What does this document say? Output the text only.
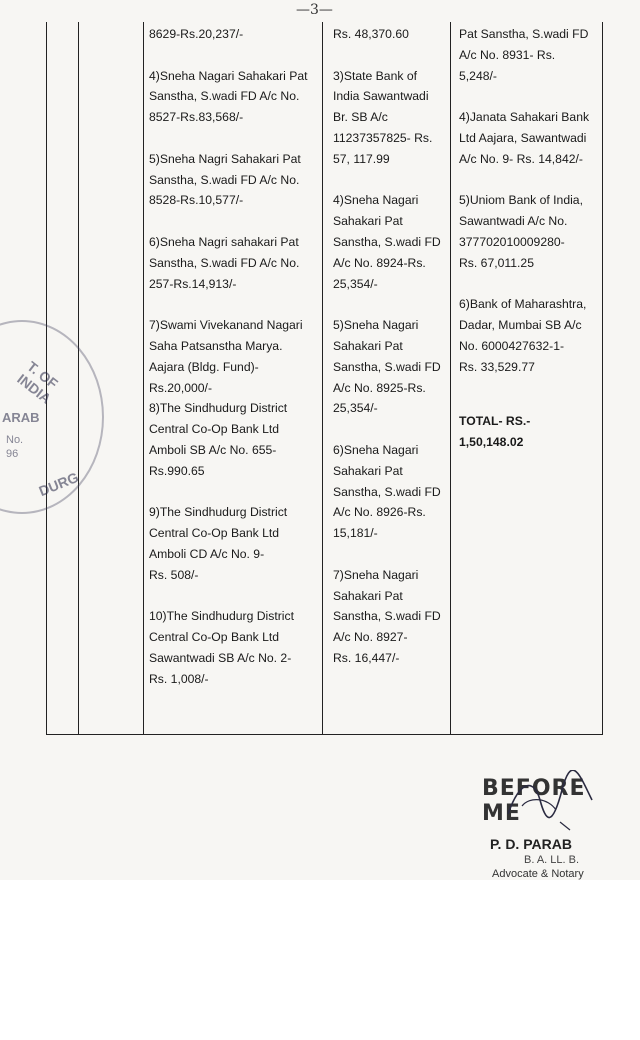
—3—
8629-Rs.20,237/-
4)Sneha Nagari Sahakari Pat
Sanstha, S.wadi FD A/c No.
8527-Rs.83,568/-
5)Sneha Nagri Sahakari Pat
Sanstha, S.wadi FD A/c No.
8528-Rs.10,577/-
6)Sneha Nagri sahakari Pat
Sanstha, S.wadi FD A/c No.
257-Rs.14,913/-
7)Swami Vivekanand Nagari
Saha Patsanstha Marya.
Aajara (Bldg. Fund)-
Rs.20,000/-
8)The Sindhudurg District
Central Co-Op Bank Ltd
Amboli SB A/c No. 655-
Rs.990.65
9)The Sindhudurg District
Central Co-Op Bank Ltd
Amboli CD A/c No. 9-
Rs. 508/-
10)The Sindhudurg District
Central Co-Op Bank Ltd
Sawantwadi SB A/c No. 2-
Rs. 1,008/-
Rs. 48,370.60
3)State Bank of
India Sawantwadi
Br. SB A/c
11237357825- Rs.
57, 117.99
4)Sneha Nagari
Sahakari Pat
Sanstha, S.wadi FD
A/c No. 8924-Rs.
25,354/-
5)Sneha Nagari
Sahakari Pat
Sanstha, S.wadi FD
A/c No. 8925-Rs.
25,354/-
6)Sneha Nagari
Sahakari Pat
Sanstha, S.wadi FD
A/c No. 8926-Rs.
15,181/-
7)Sneha Nagari
Sahakari Pat
Sanstha, S.wadi FD
A/c No. 8927-
Rs. 16,447/-
Pat Sanstha, S.wadi FD
A/c No. 8931- Rs.
5,248/-
4)Janata Sahakari Bank
Ltd Aajara, Sawantwadi
A/c No. 9- Rs. 14,842/-
5)Uniom Bank of India,
Sawantwadi A/c No.
377702010009280-
Rs. 67,011.25
6)Bank of Maharashtra,
Dadar, Mumbai SB A/c
No. 6000427632-1-
Rs. 33,529.77
TOTAL- RS.-
1,50,148.02
T. OF INDIA
ARAB
No.
96
DURG
BEFORE ME
P. D. PARAB
B. A. LL. B.
Advocate & Notary
